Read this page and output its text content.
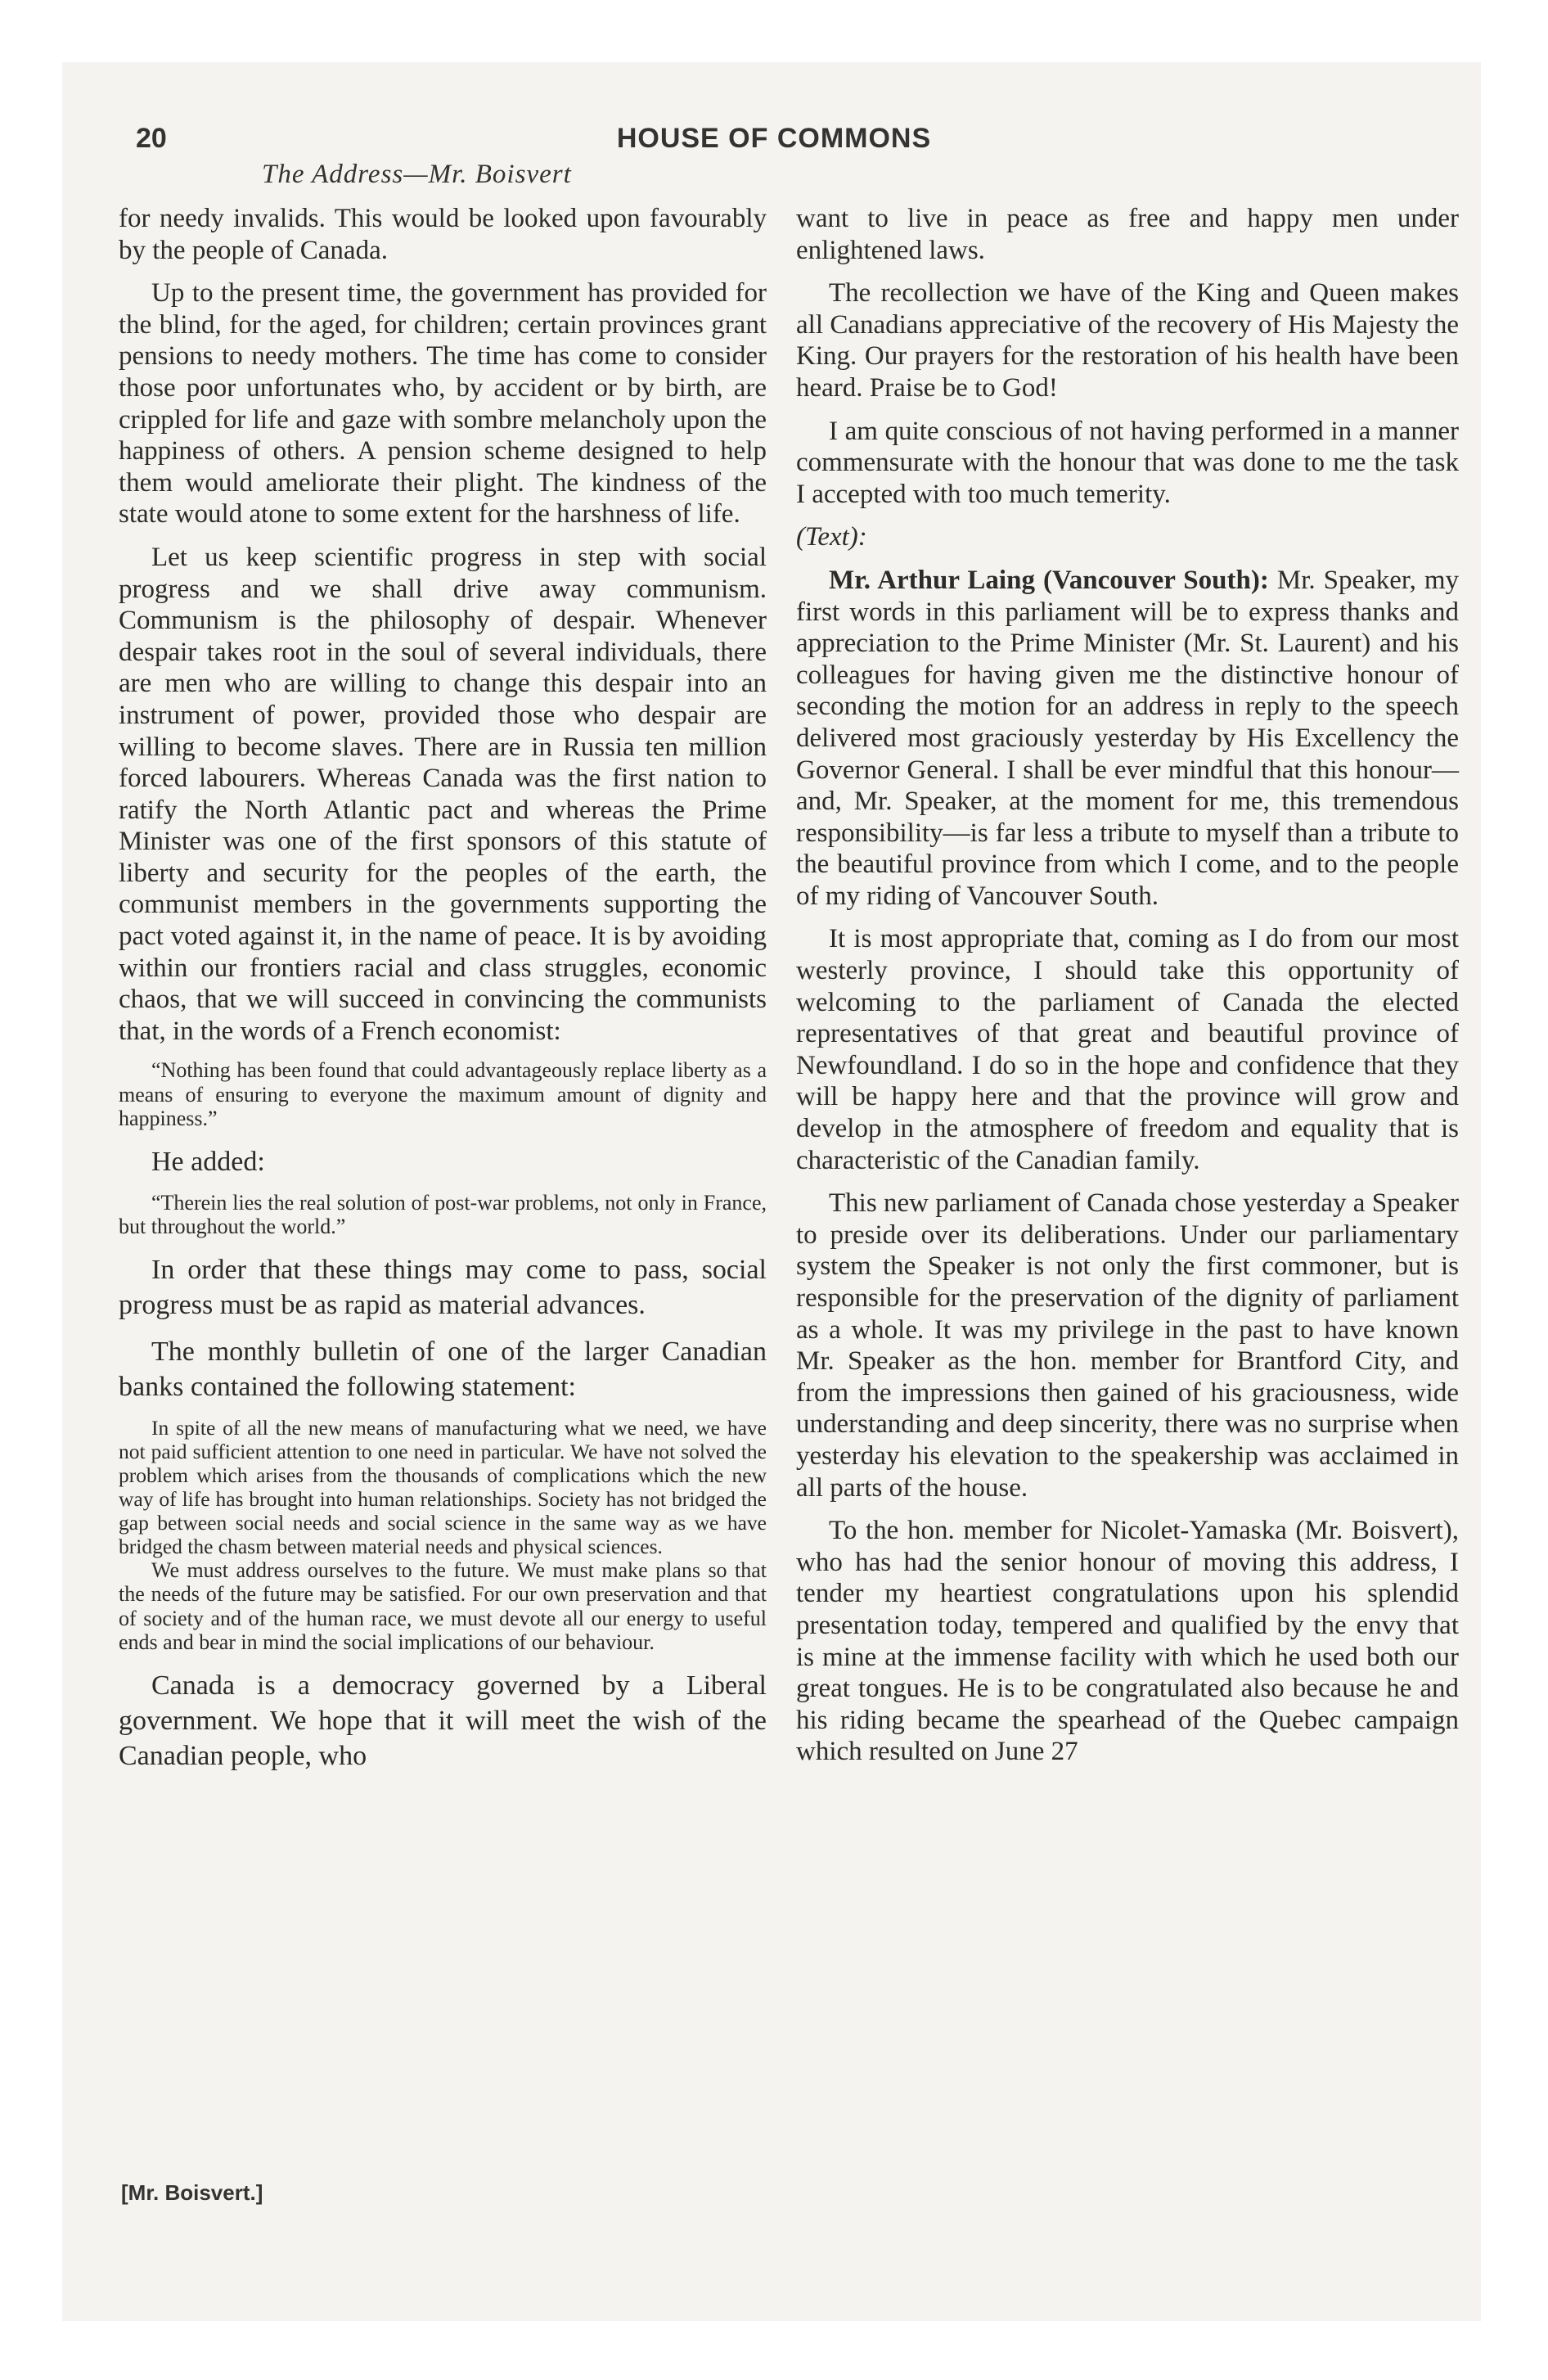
20	HOUSE OF COMMONS
The Address—Mr. Boisvert

for needy invalids. This would be looked upon favourably by the people of Canada.

Up to the present time, the government has provided for the blind, for the aged, for children; certain provinces grant pensions to needy mothers. The time has come to consider those poor unfortunates who, by accident or by birth, are crippled for life and gaze with sombre melancholy upon the happiness of others. A pension scheme designed to help them would ameliorate their plight. The kindness of the state would atone to some extent for the harshness of life.

Let us keep scientific progress in step with social progress and we shall drive away communism. Communism is the philosophy of despair. Whenever despair takes root in the soul of several individuals, there are men who are willing to change this despair into an instrument of power, provided those who despair are willing to become slaves. There are in Russia ten million forced labourers. Whereas Canada was the first nation to ratify the North Atlantic pact and whereas the Prime Minister was one of the first sponsors of this statute of liberty and security for the peoples of the earth, the communist members in the governments supporting the pact voted against it, in the name of peace. It is by avoiding within our frontiers racial and class struggles, economic chaos, that we will succeed in convincing the communists that, in the words of a French economist:

“Nothing has been found that could advantageously replace liberty as a means of ensuring to everyone the maximum amount of dignity and happiness.”

He added:

“Therein lies the real solution of post-war problems, not only in France, but throughout the world.”

In order that these things may come to pass, social progress must be as rapid as material advances.

The monthly bulletin of one of the larger Canadian banks contained the following statement:

In spite of all the new means of manufacturing what we need, we have not paid sufficient attention to one need in particular. We have not solved the problem which arises from the thousands of complications which the new way of life has brought into human relationships. Society has not bridged the gap between social needs and social science in the same way as we have bridged the chasm between material needs and physical sciences.

We must address ourselves to the future. We must make plans so that the needs of the future may be satisfied. For our own preservation and that of society and of the human race, we must devote all our energy to useful ends and bear in mind the social implications of our behaviour.

Canada is a democracy governed by a Liberal government. We hope that it will meet the wish of the Canadian people, who

want to live in peace as free and happy men under enlightened laws.

The recollection we have of the King and Queen makes all Canadians appreciative of the recovery of His Majesty the King. Our prayers for the restoration of his health have been heard. Praise be to God!

I am quite conscious of not having performed in a manner commensurate with the honour that was done to me the task I accepted with too much temerity.

(Text):

Mr. Arthur Laing (Vancouver South): Mr. Speaker, my first words in this parliament will be to express thanks and appreciation to the Prime Minister (Mr. St. Laurent) and his colleagues for having given me the distinctive honour of seconding the motion for an address in reply to the speech delivered most graciously yesterday by His Excellency the Governor General. I shall be ever mindful that this honour—and, Mr. Speaker, at the moment for me, this tremendous responsibility—is far less a tribute to myself than a tribute to the beautiful province from which I come, and to the people of my riding of Vancouver South.

It is most appropriate that, coming as I do from our most westerly province, I should take this opportunity of welcoming to the parliament of Canada the elected representatives of that great and beautiful province of Newfoundland. I do so in the hope and confidence that they will be happy here and that the province will grow and develop in the atmosphere of freedom and equality that is characteristic of the Canadian family.

This new parliament of Canada chose yesterday a Speaker to preside over its deliberations. Under our parliamentary system the Speaker is not only the first commoner, but is responsible for the preservation of the dignity of parliament as a whole. It was my privilege in the past to have known Mr. Speaker as the hon. member for Brantford City, and from the impressions then gained of his graciousness, wide understanding and deep sincerity, there was no surprise when yesterday his elevation to the speakership was acclaimed in all parts of the house.

To the hon. member for Nicolet-Yamaska (Mr. Boisvert), who has had the senior honour of moving this address, I tender my heartiest congratulations upon his splendid presentation today, tempered and qualified by the envy that is mine at the immense facility with which he used both our great tongues. He is to be congratulated also because he and his riding became the spearhead of the Quebec campaign which resulted on June 27

[Mr. Boisvert.]
